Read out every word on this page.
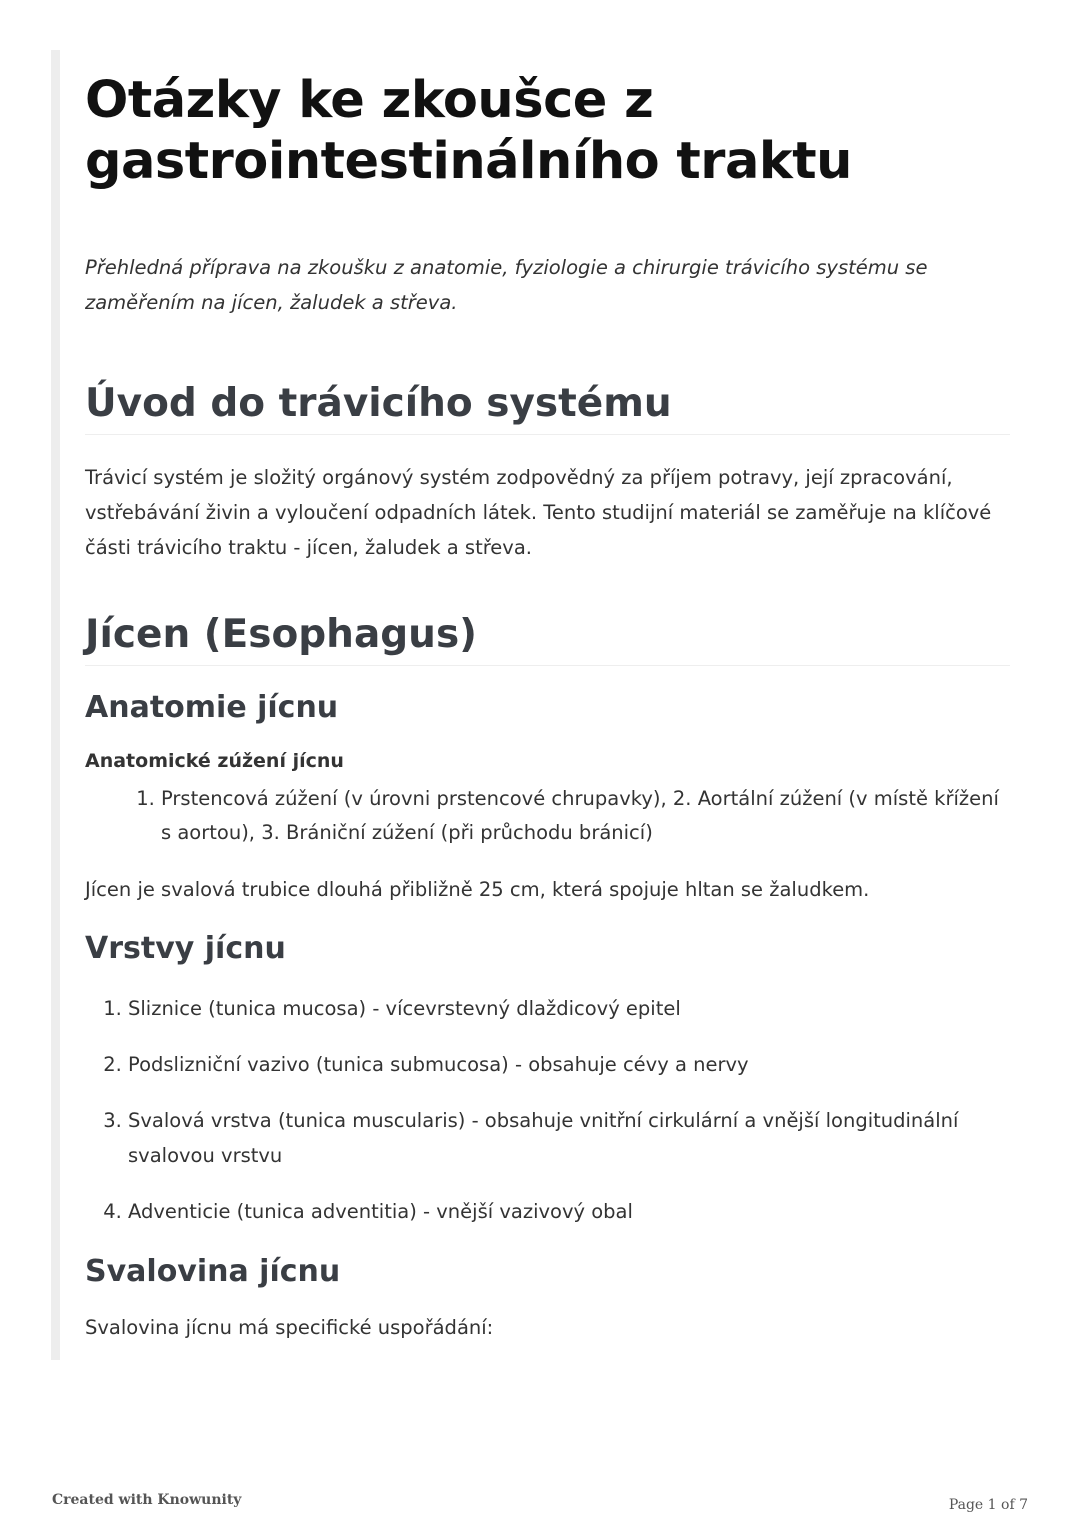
Otázky ke zkoušce z gastrointestinálního traktu

Přehledná příprava na zkoušku z anatomie, fyziologie a chirurgie trávicího systému se zaměřením na jícen, žaludek a střeva.

Úvod do trávicího systému

Trávicí systém je složitý orgánový systém zodpovědný za příjem potravy, její zpracování, vstřebávání živin a vyloučení odpadních látek. Tento studijní materiál se zaměřuje na klíčové části trávicího traktu - jícen, žaludek a střeva.

Jícen (Esophagus)
Anatomie jícnu
Anatomické zúžení jícnu
1. Prstencová zúžení (v úrovni prstencové chrupavky), 2. Aortální zúžení (v místě křížení s aortou), 3. Brániční zúžení (při průchodu bránicí)

Jícen je svalová trubice dlouhá přibližně 25 cm, která spojuje hltan se žaludkem.

Vrstvy jícnu
1. Sliznice (tunica mucosa) - vícevrstevný dlaždicový epitel
2. Podslizniční vazivo (tunica submucosa) - obsahuje cévy a nervy
3. Svalová vrstva (tunica muscularis) - obsahuje vnitřní cirkulární a vnější longitudinální svalovou vrstvu
4. Adventicie (tunica adventitia) - vnější vazivový obal
Svalovina jícnu

Svalovina jícnu má specifické uspořádání:

Created with Knowunity	Page 1 of 7
